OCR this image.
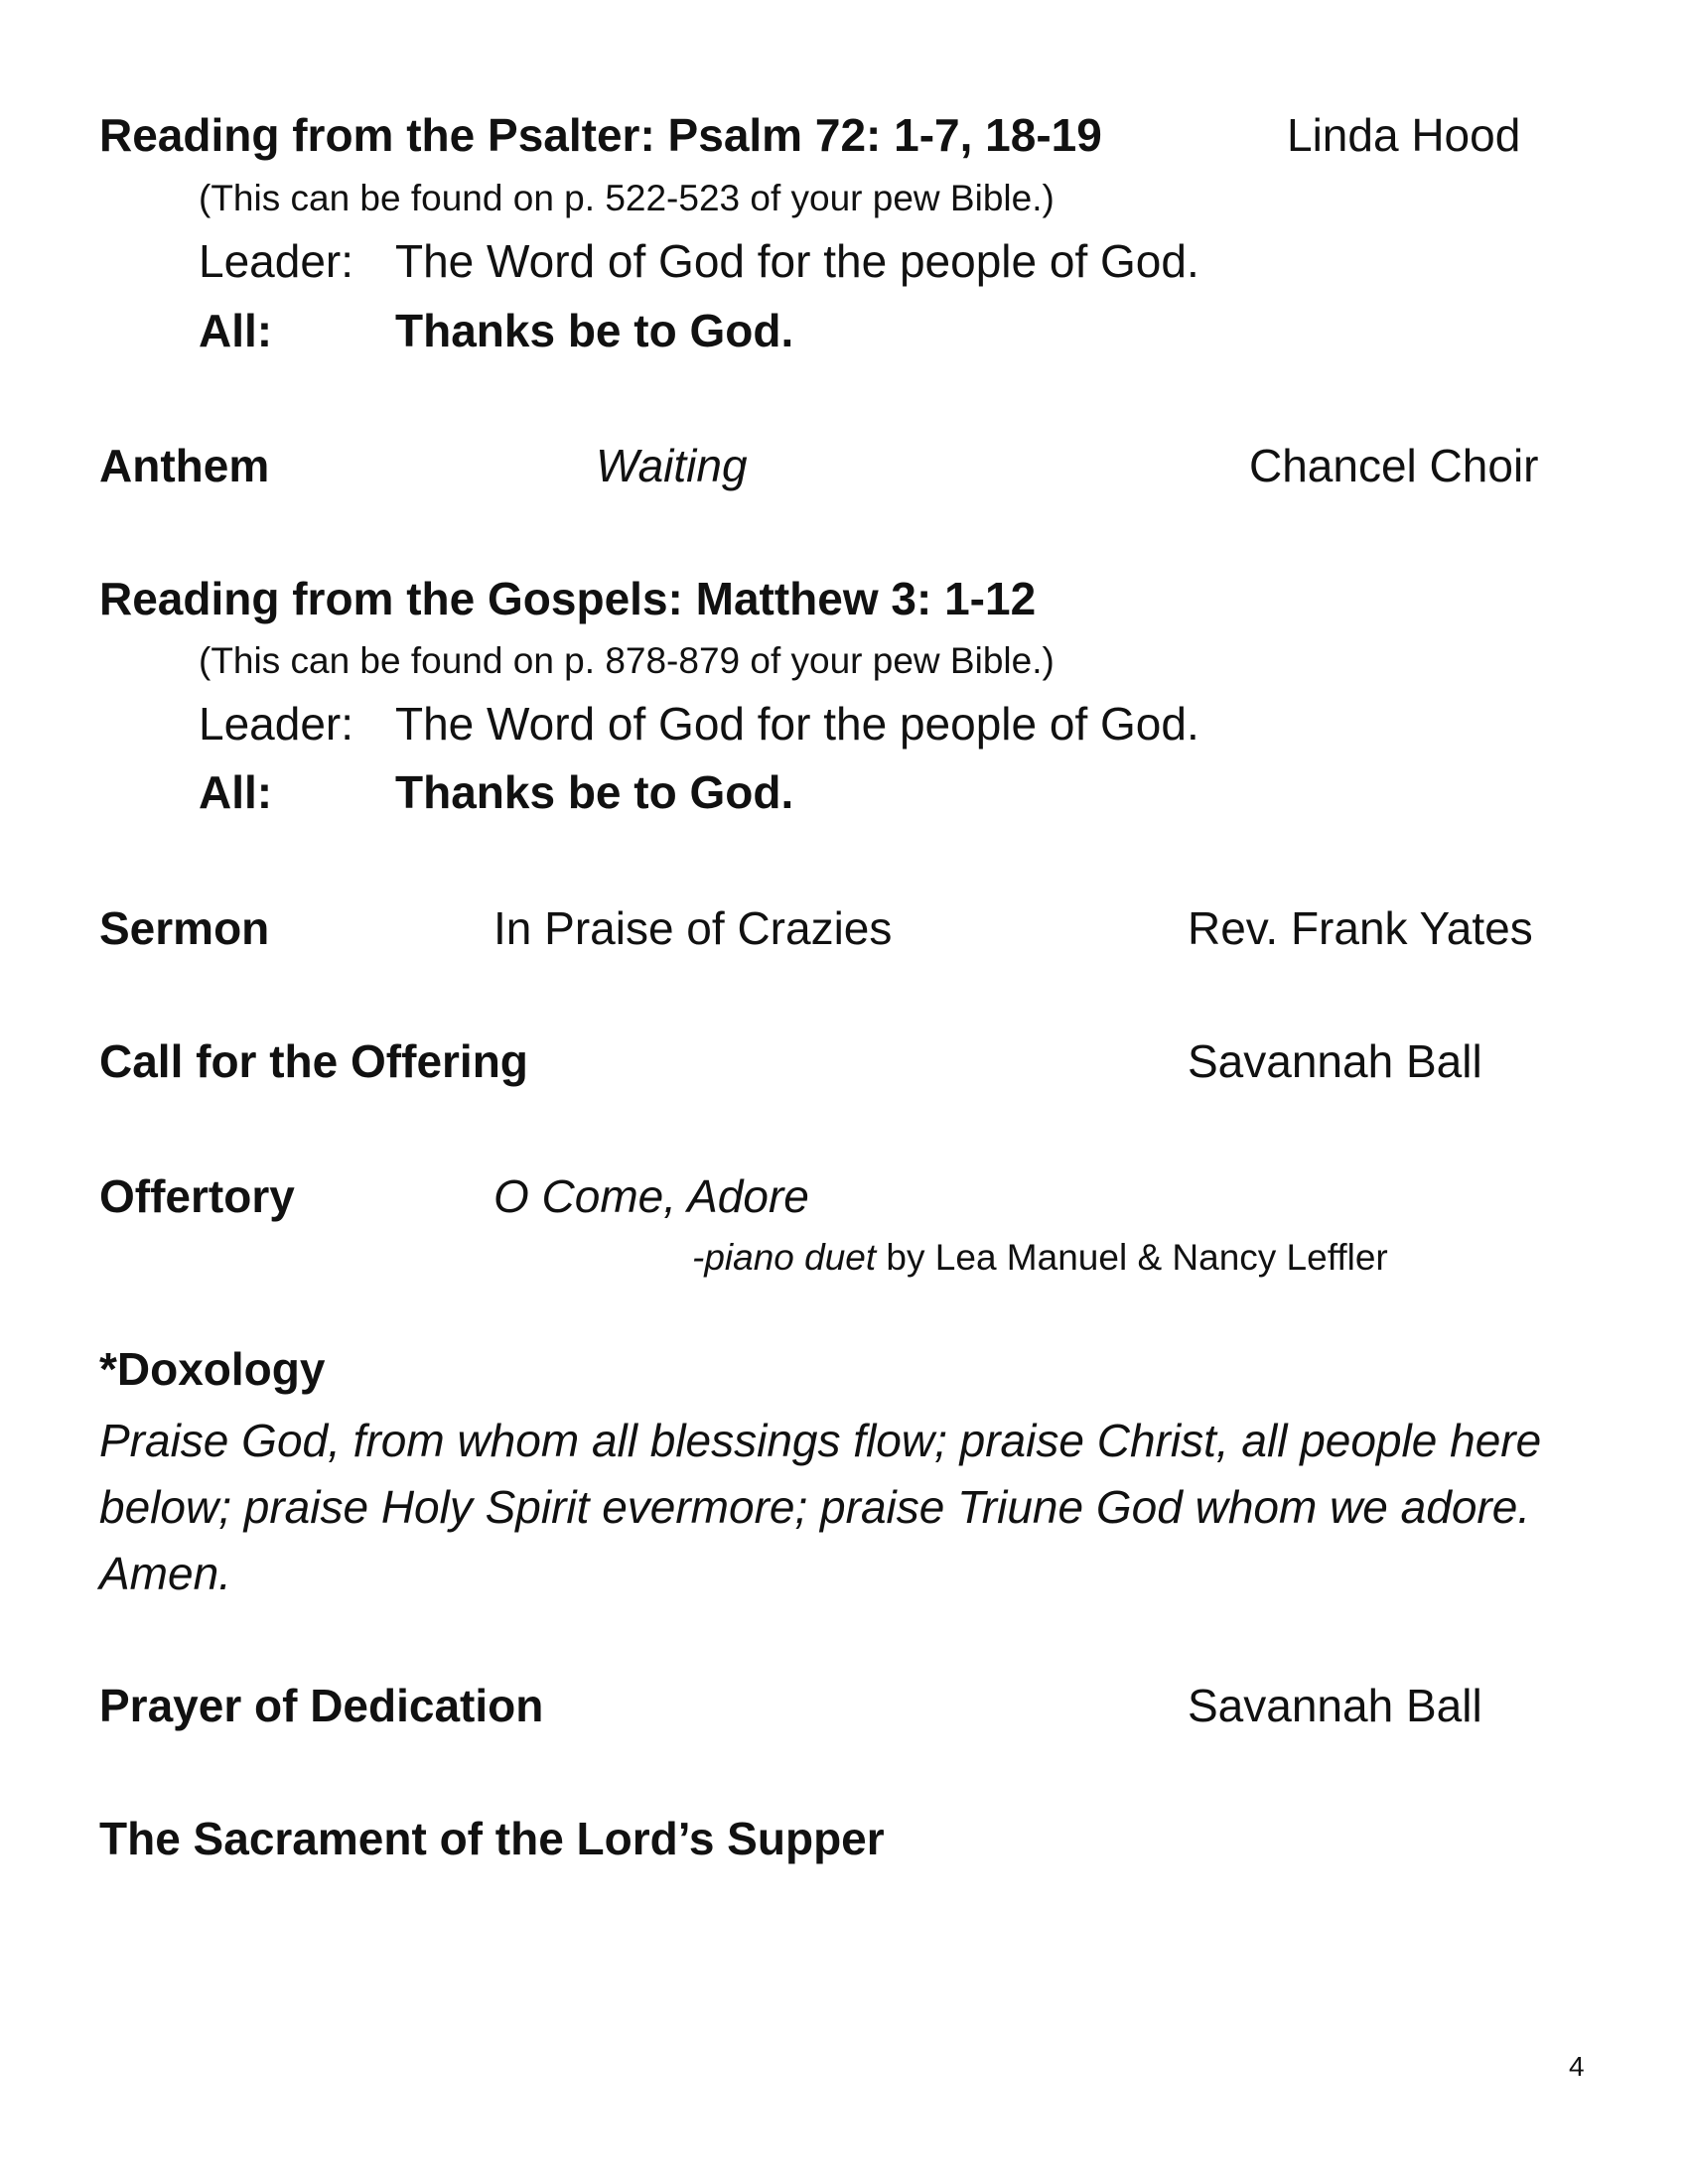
Reading from the Psalter: Psalm 72: 1-7, 18-19	Linda Hood
(This can be found on p. 522-523 of your pew Bible.)
Leader: The Word of God for the people of God.
All:	Thanks be to God.
Anthem	Waiting	Chancel Choir
Reading from the Gospels: Matthew 3: 1-12
(This can be found on p. 878-879 of your pew Bible.)
Leader: The Word of God for the people of God.
All:	Thanks be to God.
Sermon	In Praise of Crazies	Rev. Frank Yates
Call for the Offering	Savannah Ball
Offertory	O Come, Adore
-piano duet by Lea Manuel & Nancy Leffler
*Doxology
Praise God, from whom all blessings flow; praise Christ, all people here below; praise Holy Spirit evermore; praise Triune God whom we adore. Amen.
Prayer of Dedication	Savannah Ball
The Sacrament of the Lord’s Supper
4
